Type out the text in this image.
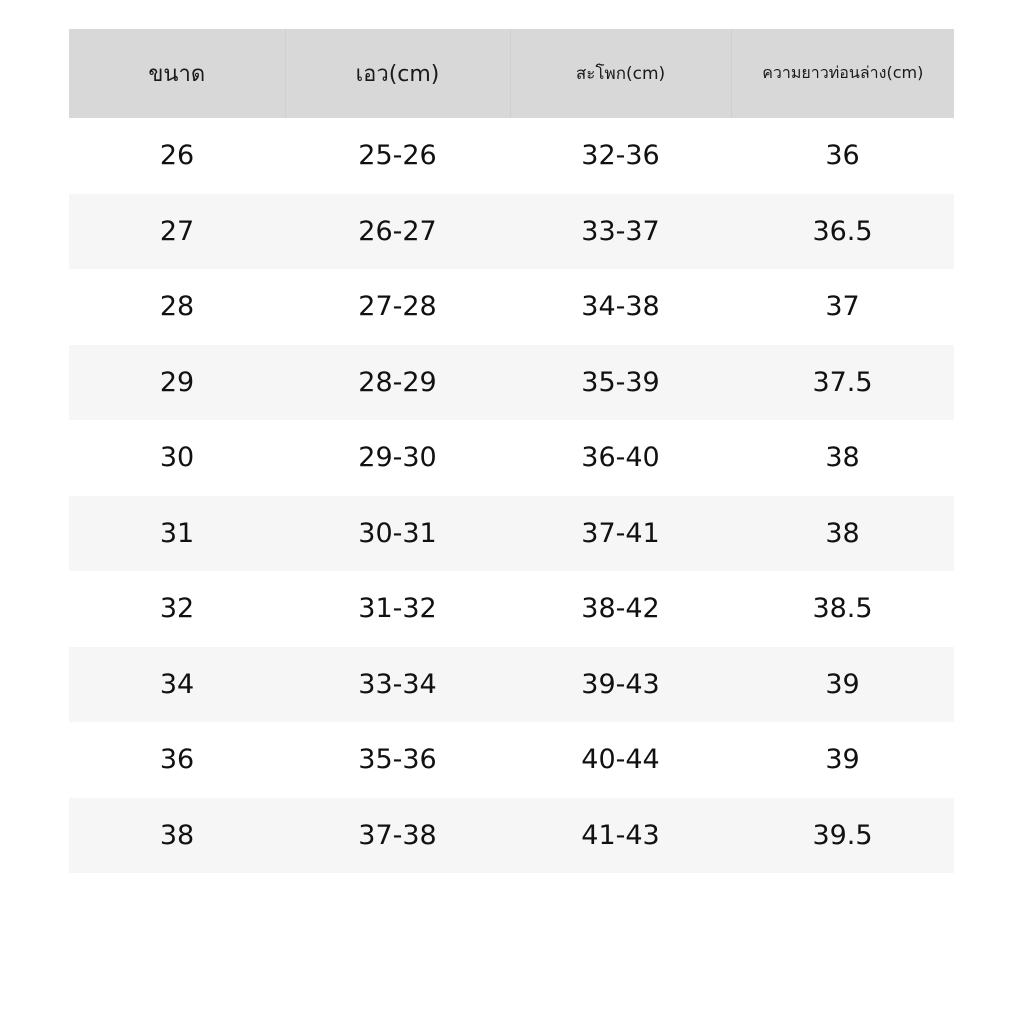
ขนาด	เอว(cm)	สะโพก(cm)	ความยาวท่อนล่าง(cm)
26	25-26	32-36	36
27	26-27	33-37	36.5
28	27-28	34-38	37
29	28-29	35-39	37.5
30	29-30	36-40	38
31	30-31	37-41	38
32	31-32	38-42	38.5
34	33-34	39-43	39
36	35-36	40-44	39
38	37-38	41-43	39.5
